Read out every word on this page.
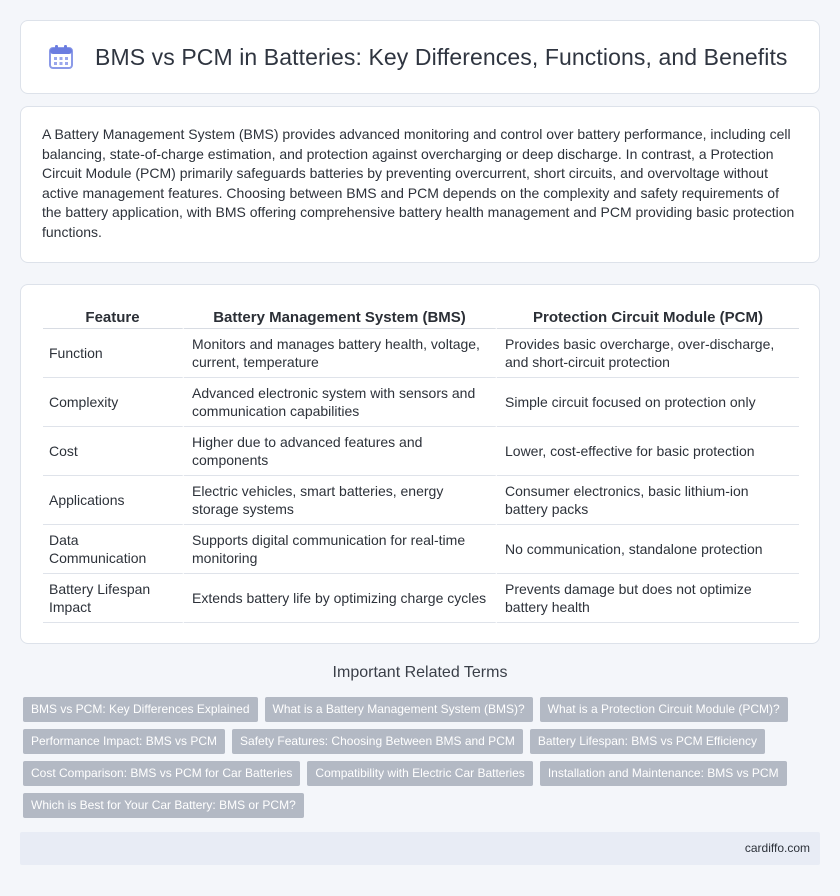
BMS vs PCM in Batteries: Key Differences, Functions, and Benefits

A Battery Management System (BMS) provides advanced monitoring and control over battery performance, including cell balancing, state-of-charge estimation, and protection against overcharging or deep discharge. In contrast, a Protection Circuit Module (PCM) primarily safeguards batteries by preventing overcurrent, short circuits, and overvoltage without active management features. Choosing between BMS and PCM depends on the complexity and safety requirements of the battery application, with BMS offering comprehensive battery health management and PCM providing basic protection functions.

Feature	Battery Management System (BMS)	Protection Circuit Module (PCM)
Function	Monitors and manages battery health, voltage, current, temperature	Provides basic overcharge, over-discharge, and short-circuit protection
Complexity	Advanced electronic system with sensors and communication capabilities	Simple circuit focused on protection only
Cost	Higher due to advanced features and components	Lower, cost-effective for basic protection
Applications	Electric vehicles, smart batteries, energy storage systems	Consumer electronics, basic lithium-ion battery packs
Data Communication	Supports digital communication for real-time monitoring	No communication, standalone protection
Battery Lifespan Impact	Extends battery life by optimizing charge cycles	Prevents damage but does not optimize battery health
Important Related Terms
BMS vs PCM: Key Differences Explained	What is a Battery Management System (BMS)?	What is a Protection Circuit Module (PCM)?
Performance Impact: BMS vs PCM	Safety Features: Choosing Between BMS and PCM	Battery Lifespan: BMS vs PCM Efficiency
Cost Comparison: BMS vs PCM for Car Batteries	Compatibility with Electric Car Batteries	Installation and Maintenance: BMS vs PCM
Which is Best for Your Car Battery: BMS or PCM?
cardiffo.com
